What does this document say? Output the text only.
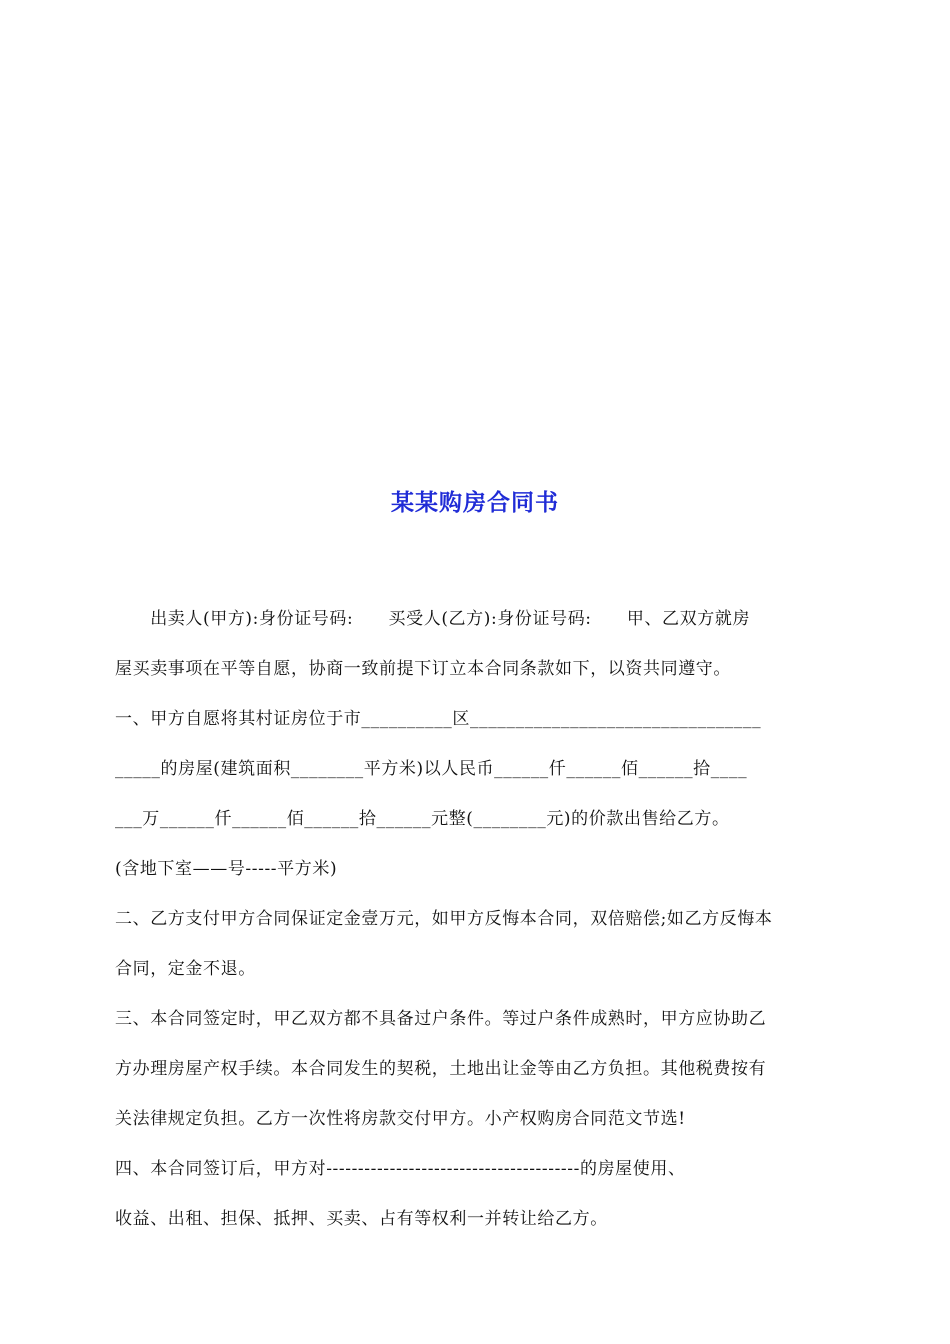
某某购房合同书
　　出卖人(甲方):身份证号码:　　买受人(乙方):身份证号码:　　甲、乙双方就房
屋买卖事项在平等自愿，协商一致前提下订立本合同条款如下，以资共同遵守。
一、甲方自愿将其村证房位于市__________区________________________________
_____的房屋(建筑面积________平方米)以人民币______仟______佰______拾____
___万______仟______佰______拾______元整(________元)的价款出售给乙方。
(含地下室——号-----平方米)
二、乙方支付甲方合同保证定金壹万元，如甲方反悔本合同，双倍赔偿;如乙方反悔本
合同，定金不退。
三、本合同签定时，甲乙双方都不具备过户条件。等过户条件成熟时，甲方应协助乙
方办理房屋产权手续。本合同发生的契税，土地出让金等由乙方负担。其他税费按有
关法律规定负担。乙方一次性将房款交付甲方。小产权购房合同范文节选!
四、本合同签订后，甲方对----------------------------------------的房屋使用、
收益、出租、担保、抵押、买卖、占有等权利一并转让给乙方。
